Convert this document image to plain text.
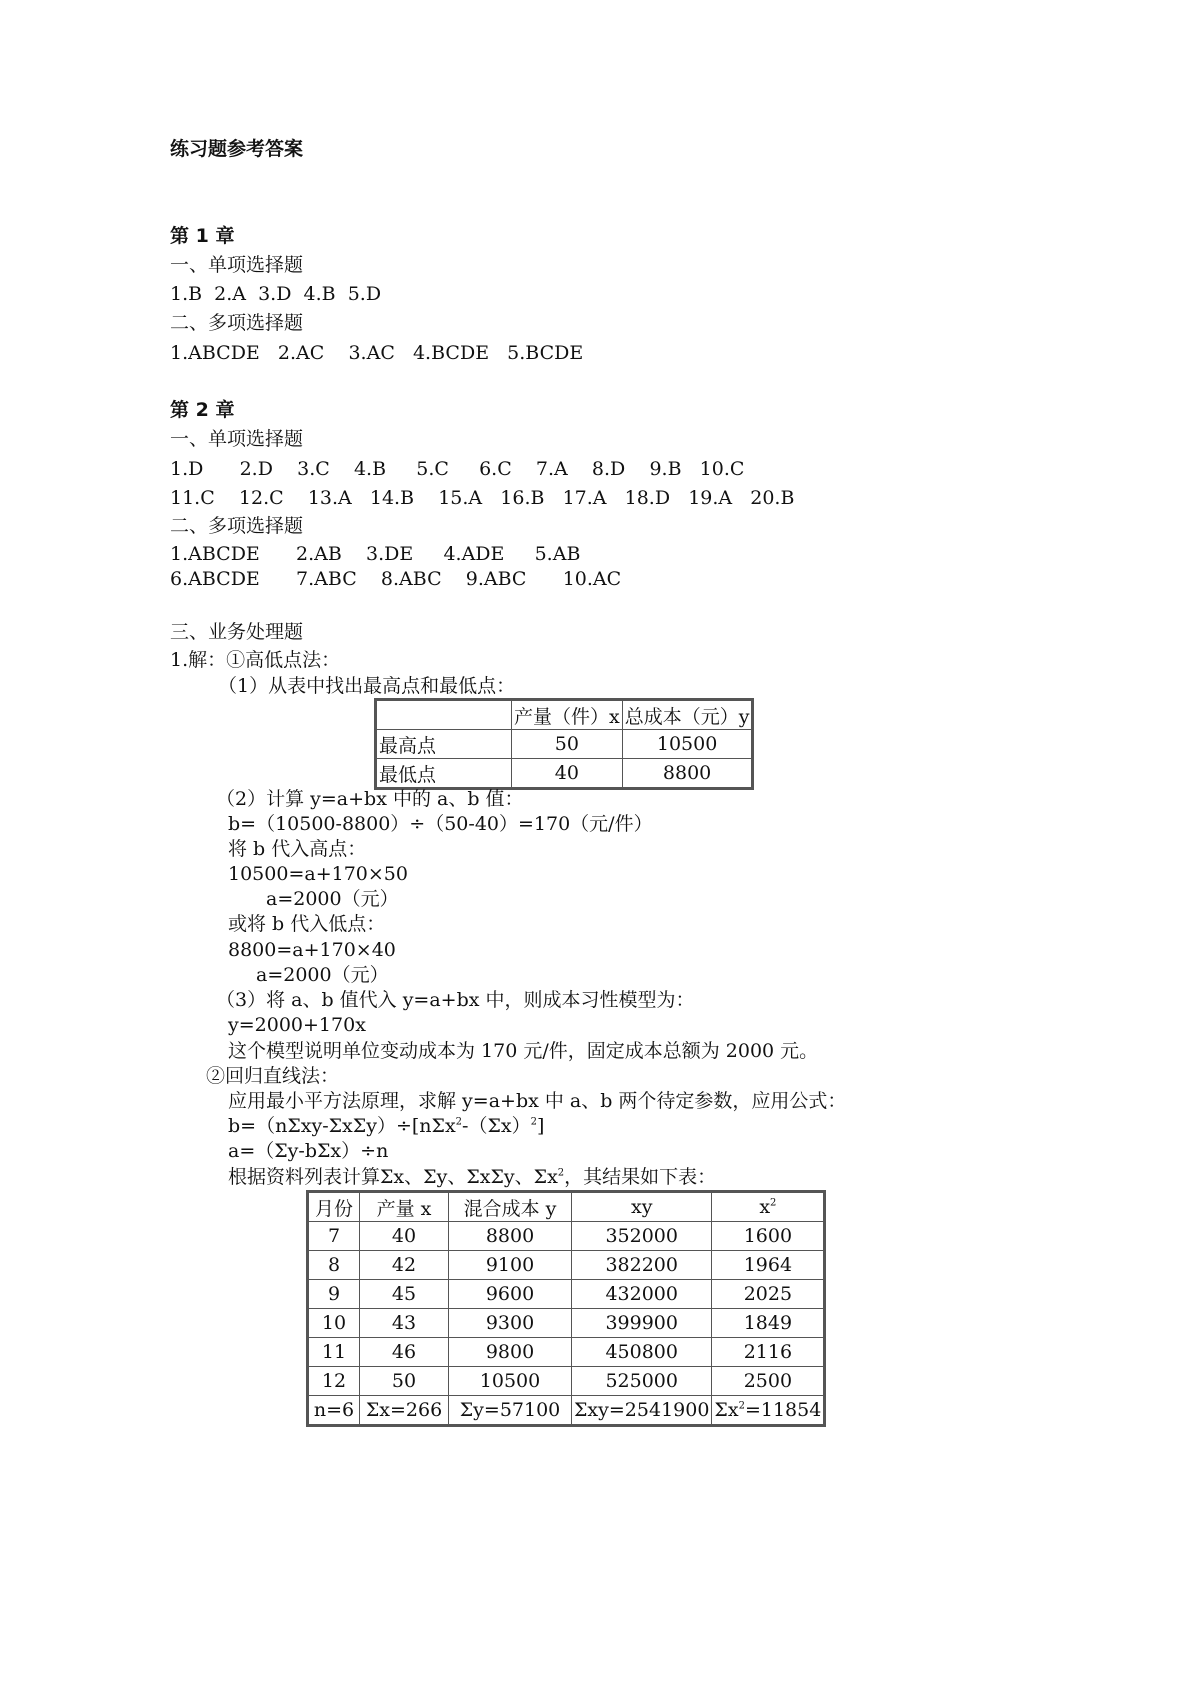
练习题参考答案
第 1 章
一、单项选择题
1.B  2.A  3.D  4.B  5.D
二、多项选择题
1.ABCDE   2.AC    3.AC   4.BCDE   5.BCDE
第 2 章
一、单项选择题
1.D      2.D    3.C    4.B     5.C     6.C    7.A    8.D    9.B   10.C
11.C    12.C    13.A   14.B    15.A   16.B   17.A   18.D   19.A   20.B
二、多项选择题
1.ABCDE      2.AB    3.DE     4.ADE     5.AB
6.ABCDE      7.ABC    8.ABC    9.ABC      10.AC
三、业务处理题
1.解：①高低点法：
（1）从表中找出最高点和最低点：
	产量（件）x	总成本（元）y
最高点	50	10500
最低点	40	8800
（2）计算 y=a+bx 中的 a、b 值：
b=（10500-8800）÷（50-40）=170（元/件）
将 b 代入高点：
10500=a+170×50
a=2000（元）
或将 b 代入低点：
8800=a+170×40
a=2000（元）
（3）将 a、b 值代入 y=a+bx 中，则成本习性模型为：
y=2000+170x
这个模型说明单位变动成本为 170 元/件，固定成本总额为 2000 元。
②回归直线法：
应用最小平方法原理，求解 y=a+bx 中 a、b 两个待定参数，应用公式：
$b=(n\Sigma xy-\Sigma x\Sigma y)\div[n\Sigma x^2-(\Sigma x)^2]$
a=（Σy-bΣx）÷n
根据资料列表计算Σx、Σy、ΣxΣy、$\Sigma x^2$，其结果如下表：
月份	产量 x	混合成本 y	xy	$x^2$
7	40	8800	352000	1600
8	42	9100	382200	1964
9	45	9600	432000	2025
10	43	9300	399900	1849
11	46	9800	450800	2116
12	50	10500	525000	2500
n=6	Σx=266	Σy=57100	Σxy=2541900	$\Sigma x^2=11854$
